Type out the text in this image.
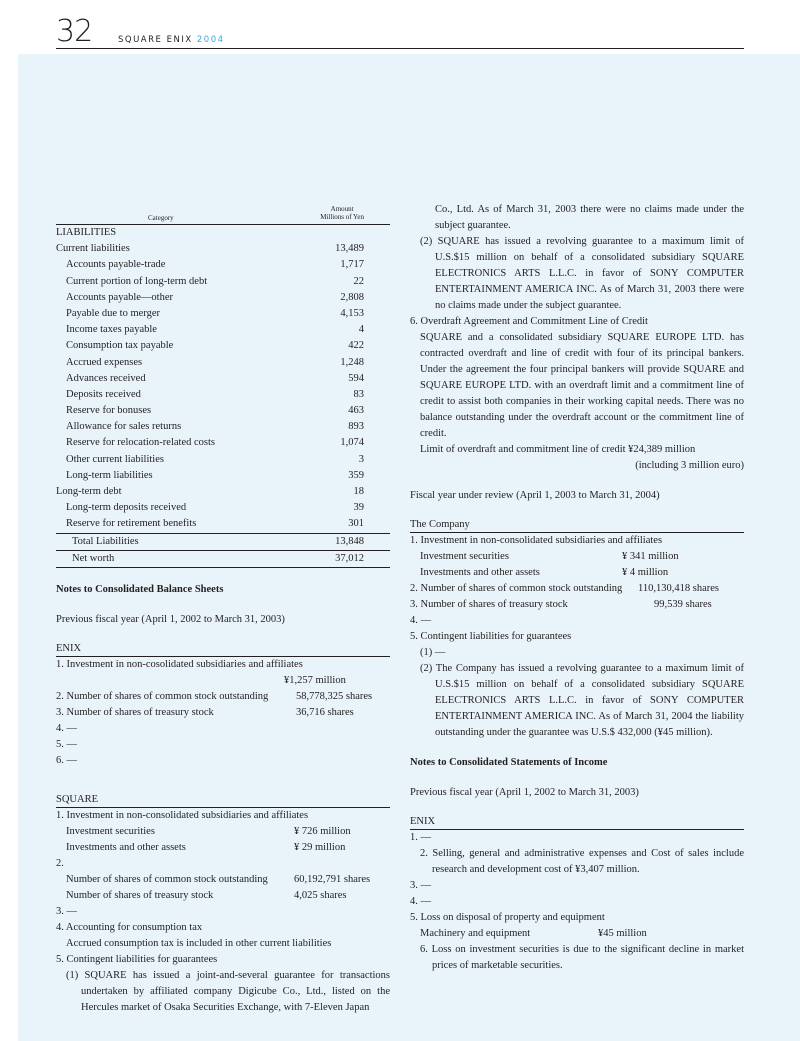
32	SQUARE ENIX 2004
Category
Amount
Millions of Yen
LIABILITIES
Current liabilities	13,489
Accounts payable-trade	1,717
Current portion of long-term debt	22
Accounts payable—other	2,808
Payable due to merger	4,153
Income taxes payable	4
Consumption tax payable	422
Accrued expenses	1,248
Advances received	594
Deposits received	83
Reserve for bonuses	463
Allowance for sales returns	893
Reserve for relocation-related costs	1,074
Other current liabilities	3
Long-term liabilities	359
Long-term debt	18
Long-term deposits received	39
Reserve for retirement benefits	301
Total Liabilities	13,848
Net worth	37,012
Notes to Consolidated Balance Sheets
Previous fiscal year (April 1, 2002 to March 31, 2003)
ENIX
1. Investment in non-cosolidated subsidiaries and affiliates
¥1,257 million
2. Number of shares of common stock outstanding	58,778,325 shares
3. Number of shares of treasury stock	36,716 shares
4. —
5. —
6. —
SQUARE
1. Investment in non-consolidated subsidiaries and affiliates
Investment securities	¥ 726 million
Investments and other assets	¥ 29 million
2.
Number of shares of common stock outstanding 60,192,791 shares
Number of shares of treasury stock	4,025 shares
3. —
4. Accounting for consumption tax
Accrued consumption tax is included in other current liabilities
5. Contingent liabilities for guarantees
(1) SQUARE has issued a joint-and-several guarantee for transactions undertaken by affiliated company Digicube Co., Ltd., listed on the Hercules market of Osaka Securities Exchange, with 7-Eleven Japan
Co., Ltd. As of March 31, 2003 there were no claims made under the subject guarantee.
(2) SQUARE has issued a revolving guarantee to a maximum limit of U.S.$15 million on behalf of a consolidated subsidiary SQUARE ELECTRONICS ARTS L.L.C. in favor of SONY COMPUTER ENTERTAINMENT AMERICA INC. As of March 31, 2003 there were no claims made under the subject guarantee.
6. Overdraft Agreement and Commitment Line of Credit
SQUARE and a consolidated subsidiary SQUARE EUROPE LTD. has contracted overdraft and line of credit with four of its principal bankers. Under the agreement the four principal bankers will provide SQUARE and SQUARE EUROPE LTD. with an overdraft limit and a commitment line of credit to assist both companies in their working capital needs. There was no balance outstanding under the overdraft account or the commitment line of credit.
Limit of overdraft and commitment line of credit ¥24,389 million
(including 3 million euro)
Fiscal year under review (April 1, 2003 to March 31, 2004)
The Company
1. Investment in non-consolidated subsidiaries and affiliates
Investment securities	¥ 341 million
Investments and other assets	¥ 4 million
2. Number of shares of common stock outstanding 110,130,418 shares
3. Number of shares of treasury stock	99,539 shares
4. —
5. Contingent liabilities for guarantees
(1) —
(2) The Company has issued a revolving guarantee to a maximum limit of U.S.$15 million on behalf of a consolidated subsidiary SQUARE ELECTRONICS ARTS L.L.C. in favor of SONY COMPUTER ENTERTAINMENT AMERICA INC. As of March 31, 2004 the liability outstanding under the guarantee was U.S.$ 432,000 (¥45 million).
Notes to Consolidated Statements of Income
Previous fiscal year (April 1, 2002 to March 31, 2003)
ENIX
1. —
2. Selling, general and administrative expenses and Cost of sales include research and development cost of ¥3,407 million.
3. —
4. —
5. Loss on disposal of property and equipment
Machinery and equipment	¥45 million
6. Loss on investment securities is due to the significant decline in market prices of marketable securities.
